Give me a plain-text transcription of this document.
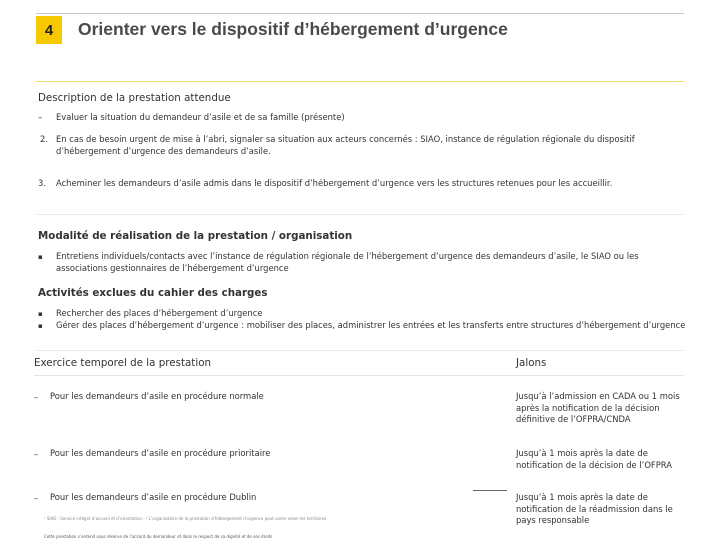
4	Orienter vers le dispositif d’hébergement d’urgence
Description de la prestation attendue
– Evaluer la situation du demandeur d’asile et de sa famille (présente)
2. En cas de besoin urgent de mise à l’abri, signaler sa situation aux acteurs concernés : SIAO, instance de régulation régionale du dispositif d’hébergement d’urgence des demandeurs d’asile.
3. Acheminer les demandeurs d’asile admis dans le dispositif d’hébergement d’urgence vers les structures retenues pour les accueillir.
Modalité de réalisation de la prestation / organisation
▪ Entretiens individuels/contacts avec l’instance de régulation régionale de l’hébergement d’urgence des demandeurs d’asile, le SIAO ou les associations gestionnaires de l’hébergement d’urgence
Activités exclues du cahier des charges
▪ Rechercher des places d’hébergement d’urgence
▪ Gérer des places d’hébergement d’urgence : mobiliser des places, administrer les entrées et les transferts entre structures d’hébergement d’urgence
Exercice temporel de la prestation	Jalons
– Pour les demandeurs d’asile en procédure normale	Jusqu’à l’admission en CADA ou 1 mois après la notification de la décision définitive de l’OFPRA/CNDA
– Pour les demandeurs d’asile en procédure prioritaire	Jusqu’à 1 mois après la date de notification de la décision de l’OFPRA
– Pour les demandeurs d’asile en procédure Dublin	Jusqu’à 1 mois après la date de notification de la réadmission dans le pays responsable
¹ SIAO : Service intégré d’accueil et d’orientation ; ² L’organisation de la prestation d’hébergement d’urgence peut varier selon les territoires
Cette prestation s’entend sous réserve de l’accord du demandeur et dans le respect de sa dignité et de ses droits
